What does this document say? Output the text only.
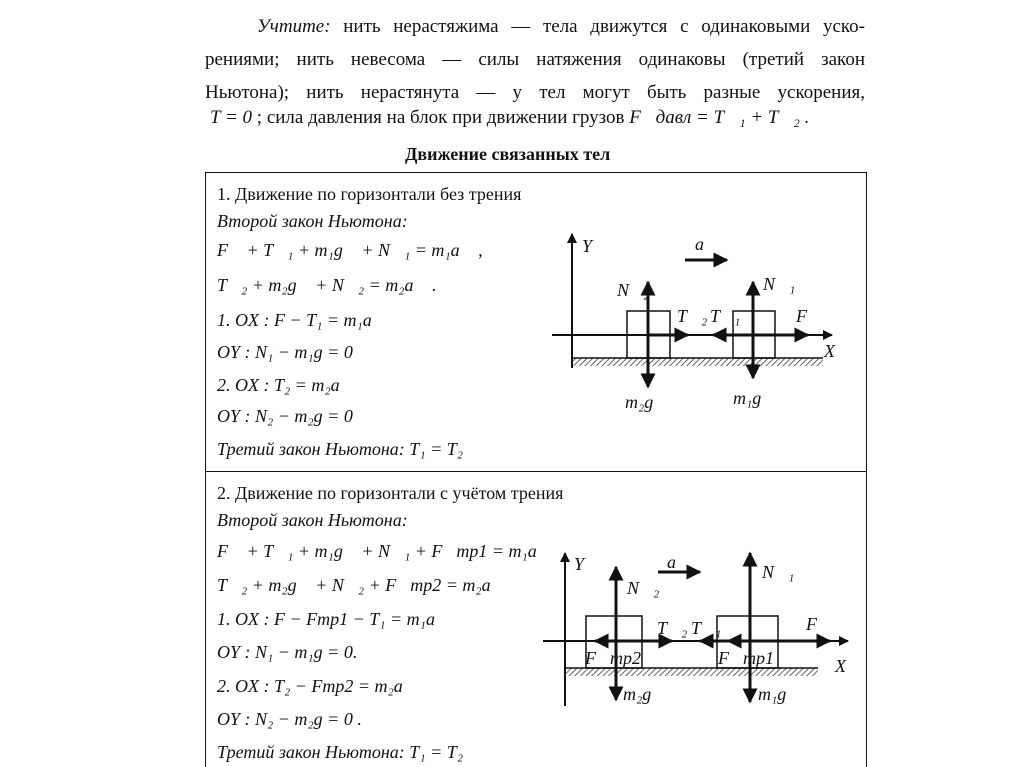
Учтите: нить нерастяжима — тела движутся с одинаковыми уско-
рениями; нить невесома — силы натяжения одинаковы (третий закон
Ньютона); нить нерастянута — у тел могут быть разные ускорения,
T = 0 ; сила давления на блок при движении грузов F⃗давл = T⃗₁ + T⃗₂ .
Движение связанных тел
1. Движение по горизонтали без трения
Второй закон Ньютона:
F⃗ + T⃗₁ + m₁g⃗ + N⃗₁ = m₁a⃗ ,
T⃗₂ + m₂g⃗ + N⃗₂ = m₂a⃗ .
1. OX : F − T₁ = m₁a
OY : N₁ − m₁g = 0
2. OX : T₂ = m₂a
OY : N₂ − m₂g = 0
Третий закон Ньютона: T₁ = T₂
2. Движение по горизонтали с учётом трения
Второй закон Ньютона:
F⃗ + T⃗₁ + m₁g⃗ + N⃗₁ + F⃗тр1 = m₁a⃗
T⃗₂ + m₂g⃗ + N⃗₂ + F⃗тр2 = m₂a⃗
1. OX : F − Fтр1 − T₁ = m₁a
OY : N₁ − m₁g = 0.
2. OX : T₂ − Fтр2 = m₂a
OY : N₂ − m₂g = 0 .
Третий закон Ньютона: T₁ = T₂
Y	a⃗
N⃗₂
T⃗₂ T⃗₁
N⃗₁
F⃗
X
m₂g⃗	m₁g⃗
Y	a⃗
N⃗₂
N⃗₁
F⃗
T⃗₂ T⃗₁
F⃗тр2	F⃗тр1	X
m₂g⃗	m₁g⃗
